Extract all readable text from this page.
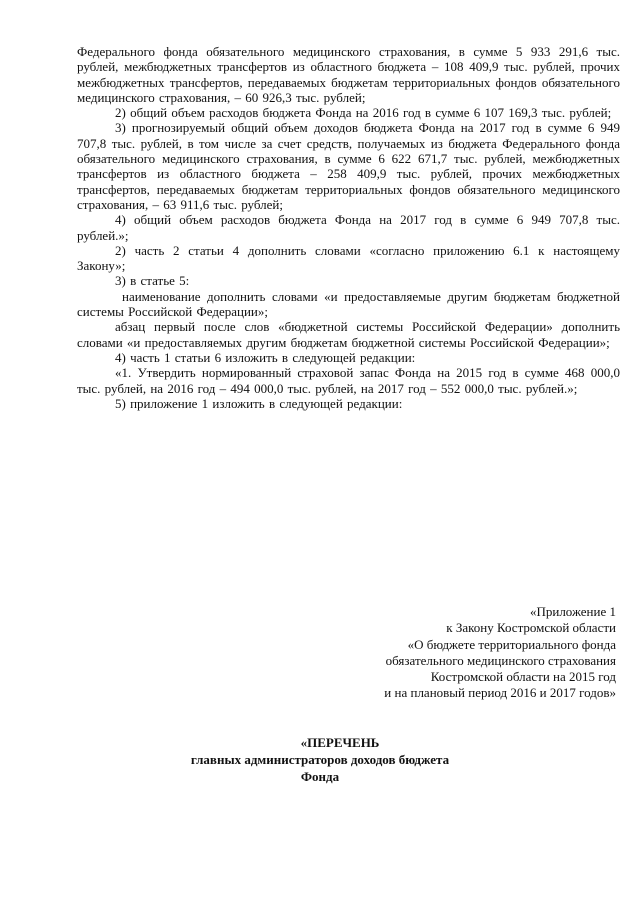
Федерального фонда обязательного медицинского страхования, в сумме 5 933 291,6 тыс. рублей, межбюджетных трансфертов из областного бюджета – 108 409,9 тыс. рублей, прочих межбюджетных трансфертов, передаваемых бюджетам территориальных фондов обязательного медицинского страхования, – 60 926,3 тыс. рублей;

2) общий объем расходов бюджета Фонда на 2016 год в сумме 6 107 169,3 тыс. рублей;

3) прогнозируемый общий объем доходов бюджета Фонда на 2017 год в сумме 6 949 707,8 тыс. рублей, в том числе за счет средств, получаемых из бюджета Федерального фонда обязательного медицинского страхования, в сумме 6 622 671,7 тыс. рублей, межбюджетных трансфертов из областного бюджета – 258 409,9 тыс. рублей, прочих межбюджетных трансфертов, передаваемых бюджетам территориальных фондов обязательного медицинского страхования, – 63 911,6 тыс. рублей;

4) общий объем расходов бюджета Фонда на 2017 год в сумме 6 949 707,8 тыс. рублей.»;

2) часть 2 статьи 4 дополнить словами «согласно приложению 6.1 к настоящему Закону»;

3) в статье 5:

наименование дополнить словами «и предоставляемые другим бюджетам бюджетной системы Российской Федерации»;

абзац первый после слов «бюджетной системы Российской Федерации» дополнить словами «и предоставляемых другим бюджетам бюджетной системы Российской Федерации»;

4) часть 1 статьи 6 изложить в следующей редакции:

«1. Утвердить нормированный страховой запас Фонда на 2015 год в сумме 468 000,0 тыс. рублей, на 2016 год – 494 000,0 тыс. рублей, на 2017 год – 552 000,0 тыс. рублей.»;

5) приложение 1 изложить в следующей редакции:

«Приложение 1
к Закону Костромской области
«О бюджете территориального фонда
обязательного медицинского страхования
Костромской области на 2015 год
и на плановый период 2016 и 2017 годов»
«ПЕРЕЧЕНЬ
главных администраторов доходов бюджета
Фонда
